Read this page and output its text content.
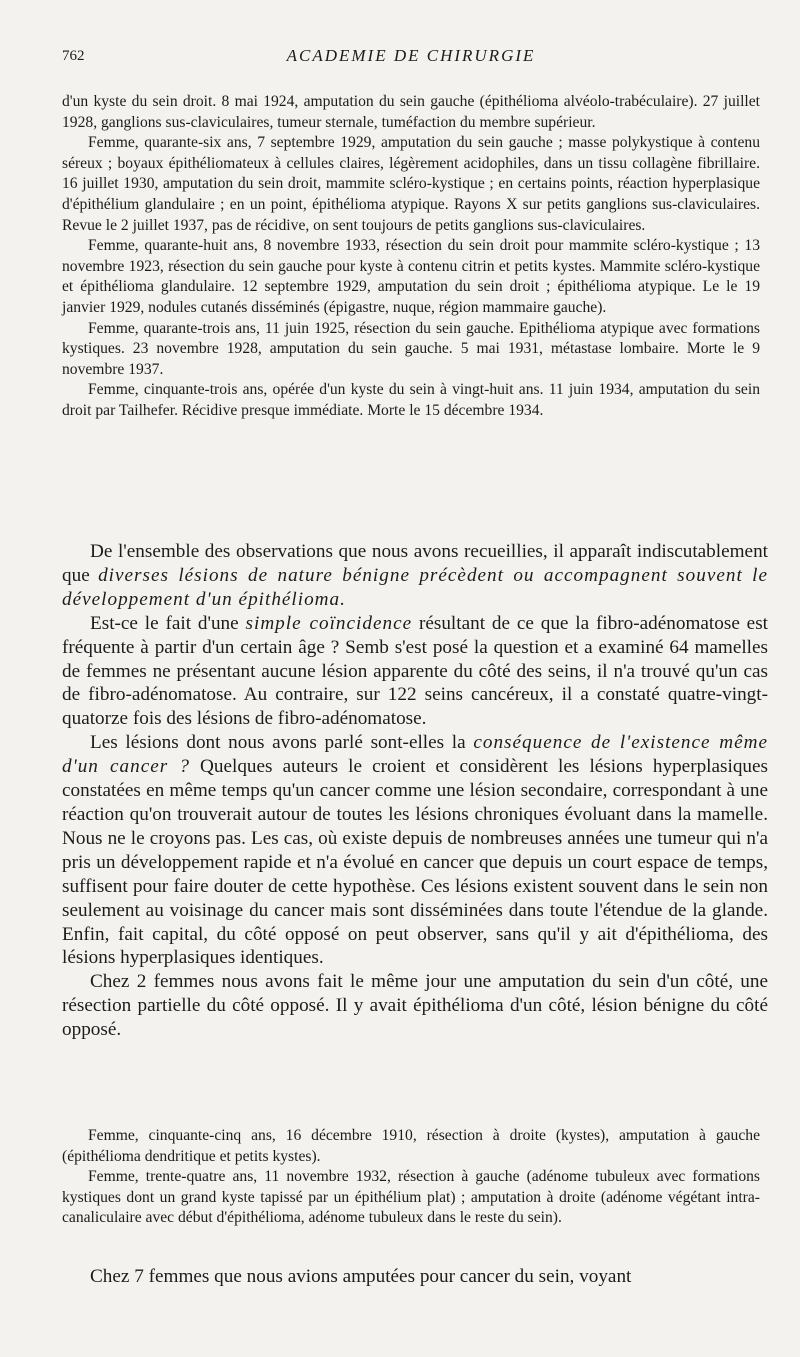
762	ACADEMIE DE CHIRURGIE

d'un kyste du sein droit. 8 mai 1924, amputation du sein gauche (épithélioma alvéolo-trabéculaire). 27 juillet 1928, ganglions sus-claviculaires, tumeur sternale, tuméfaction du membre supérieur.

Femme, quarante-six ans, 7 septembre 1929, amputation du sein gauche ; masse polykystique à contenu séreux ; boyaux épithéliomateux à cellules claires, légèrement acidophiles, dans un tissu collagène fibrillaire. 16 juillet 1930, amputation du sein droit, mammite scléro-kystique ; en certains points, réaction hyperplasique d'épithélium glandulaire ; en un point, épithélioma atypique. Rayons X sur petits ganglions sus-claviculaires. Revue le 2 juillet 1937, pas de récidive, on sent toujours de petits ganglions sus-claviculaires.

Femme, quarante-huit ans, 8 novembre 1933, résection du sein droit pour mammite scléro-kystique ; 13 novembre 1923, résection du sein gauche pour kyste à contenu citrin et petits kystes. Mammite scléro-kystique et épithélioma glandulaire. 12 septembre 1929, amputation du sein droit ; épithélioma atypique. Le le 19 janvier 1929, nodules cutanés disséminés (épigastre, nuque, région mammaire gauche).

Femme, quarante-trois ans, 11 juin 1925, résection du sein gauche. Epithélioma atypique avec formations kystiques. 23 novembre 1928, amputation du sein gauche. 5 mai 1931, métastase lombaire. Morte le 9 novembre 1937.

Femme, cinquante-trois ans, opérée d'un kyste du sein à vingt-huit ans. 11 juin 1934, amputation du sein droit par Tailhefer. Récidive presque immédiate. Morte le 15 décembre 1934.

De l'ensemble des observations que nous avons recueillies, il apparaît indiscutablement que diverses lésions de nature bénigne précèdent ou accompagnent souvent le développement d'un épithélioma.

Est-ce le fait d'une simple coïncidence résultant de ce que la fibro-adénomatose est fréquente à partir d'un certain âge ? Semb s'est posé la question et a examiné 64 mamelles de femmes ne présentant aucune lésion apparente du côté des seins, il n'a trouvé qu'un cas de fibro-adénomatose. Au contraire, sur 122 seins cancéreux, il a constaté quatre-vingt-quatorze fois des lésions de fibro-adénomatose.

Les lésions dont nous avons parlé sont-elles la conséquence de l'existence même d'un cancer ? Quelques auteurs le croient et considèrent les lésions hyperplasiques constatées en même temps qu'un cancer comme une lésion secondaire, correspondant à une réaction qu'on trouverait autour de toutes les lésions chroniques évoluant dans la mamelle. Nous ne le croyons pas. Les cas, où existe depuis de nombreuses années une tumeur qui n'a pris un développement rapide et n'a évolué en cancer que depuis un court espace de temps, suffisent pour faire douter de cette hypothèse. Ces lésions existent souvent dans le sein non seulement au voisinage du cancer mais sont disséminées dans toute l'étendue de la glande. Enfin, fait capital, du côté opposé on peut observer, sans qu'il y ait d'épithélioma, des lésions hyperplasiques identiques.

Chez 2 femmes nous avons fait le même jour une amputation du sein d'un côté, une résection partielle du côté opposé. Il y avait épithélioma d'un côté, lésion bénigne du côté opposé.

Femme, cinquante-cinq ans, 16 décembre 1910, résection à droite (kystes), amputation à gauche (épithélioma dendritique et petits kystes).

Femme, trente-quatre ans, 11 novembre 1932, résection à gauche (adénome tubuleux avec formations kystiques dont un grand kyste tapissé par un épithélium plat) ; amputation à droite (adénome végétant intra-canaliculaire avec début d'épithélioma, adénome tubuleux dans le reste du sein).

Chez 7 femmes que nous avions amputées pour cancer du sein, voyant
